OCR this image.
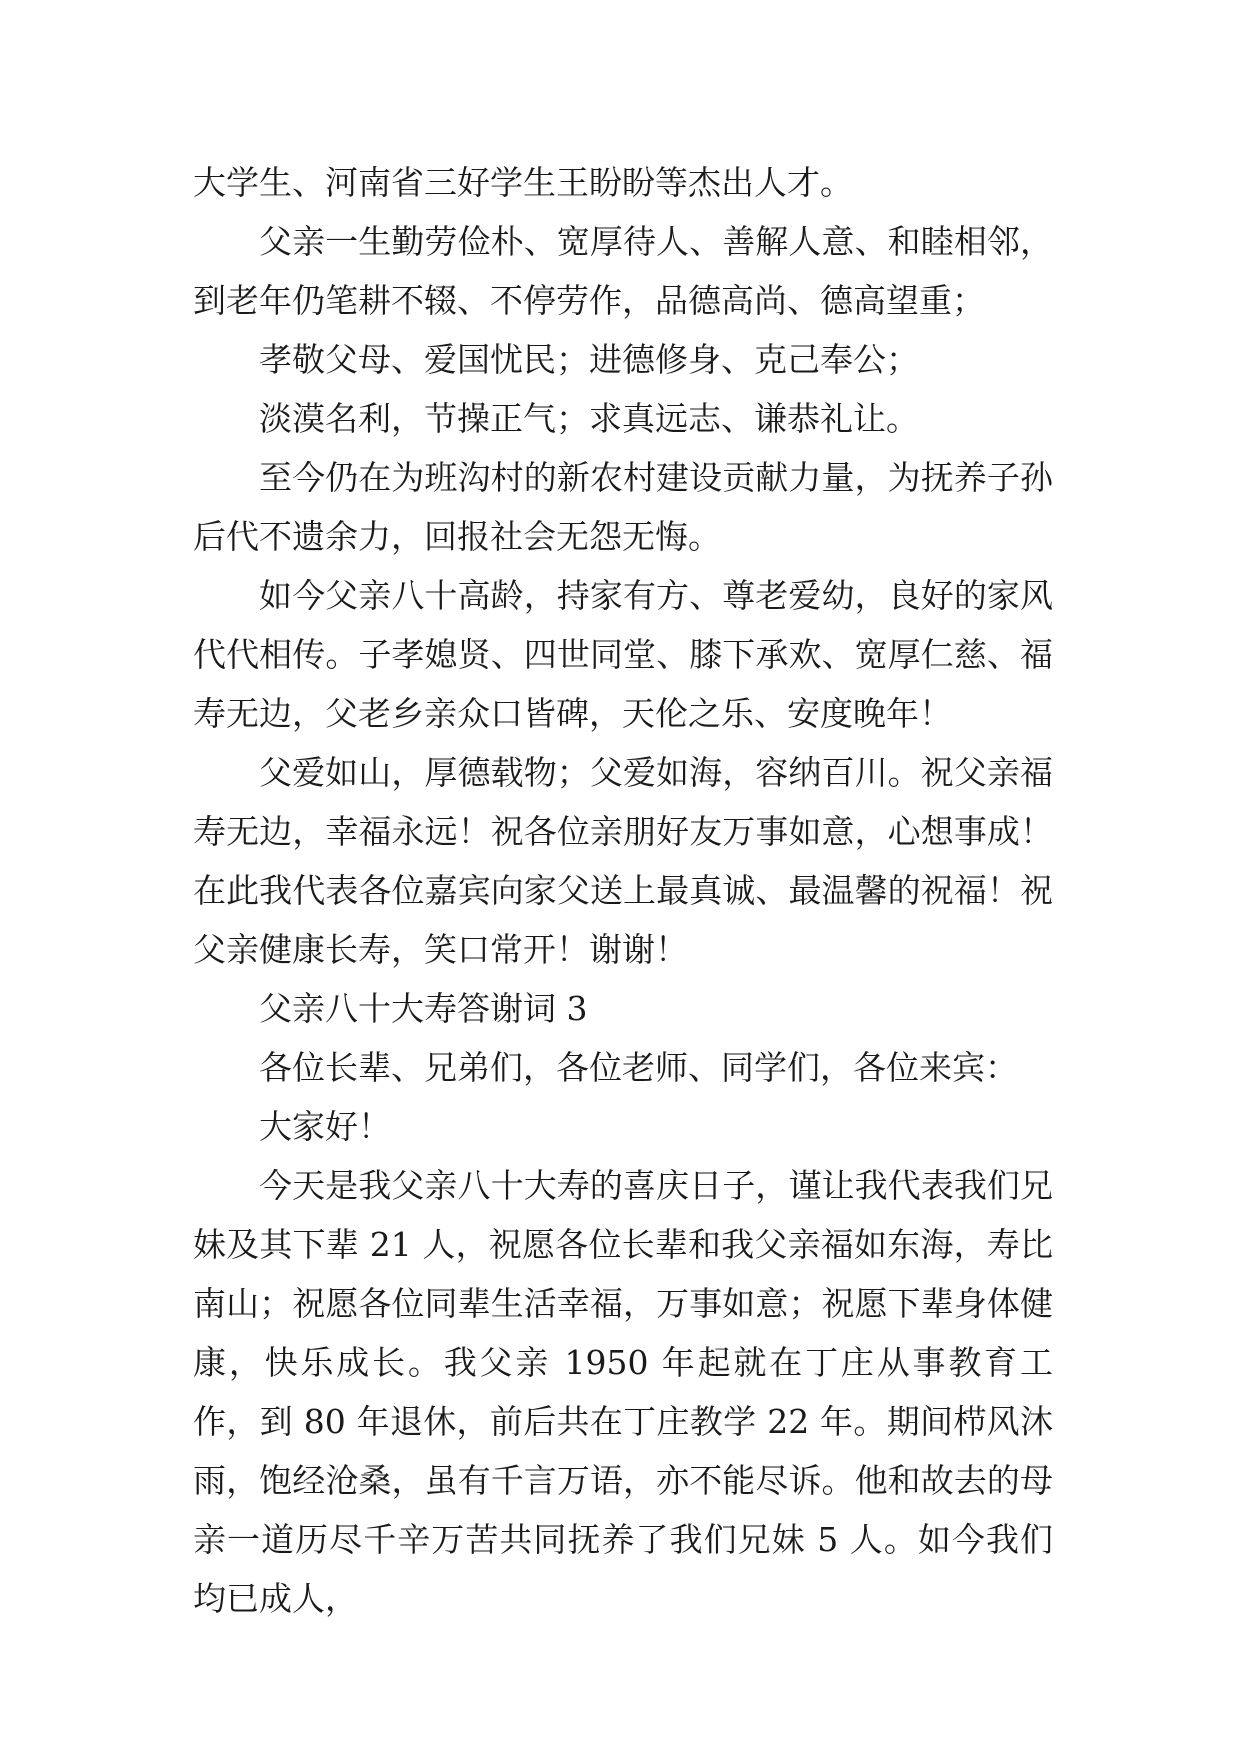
大学生、河南省三好学生王盼盼等杰出人才。

父亲一生勤劳俭朴、宽厚待人、善解人意、和睦相邻，到老年仍笔耕不辍、不停劳作，品德高尚、德高望重；

孝敬父母、爱国忧民；进德修身、克己奉公；

淡漠名利，节操正气；求真远志、谦恭礼让。

至今仍在为班沟村的新农村建设贡献力量，为抚养子孙后代不遗余力，回报社会无怨无悔。

如今父亲八十高龄，持家有方、尊老爱幼，良好的家风代代相传。子孝媳贤、四世同堂、膝下承欢、宽厚仁慈、福寿无边，父老乡亲众口皆碑，天伦之乐、安度晚年！

父爱如山，厚德载物；父爱如海，容纳百川。祝父亲福寿无边，幸福永远！祝各位亲朋好友万事如意，心想事成！在此我代表各位嘉宾向家父送上最真诚、最温馨的祝福！祝父亲健康长寿，笑口常开！谢谢！

父亲八十大寿答谢词 3

各位长辈、兄弟们，各位老师、同学们，各位来宾：

大家好！

今天是我父亲八十大寿的喜庆日子，谨让我代表我们兄妹及其下辈 21 人，祝愿各位长辈和我父亲福如东海，寿比南山；祝愿各位同辈生活幸福，万事如意；祝愿下辈身体健康，快乐成长。我父亲 1950 年起就在丁庄从事教育工作，到 80 年退休，前后共在丁庄教学 22 年。期间栉风沐雨，饱经沧桑，虽有千言万语，亦不能尽诉。他和故去的母亲一道历尽千辛万苦共同抚养了我们兄妹 5 人。如今我们均已成人，
